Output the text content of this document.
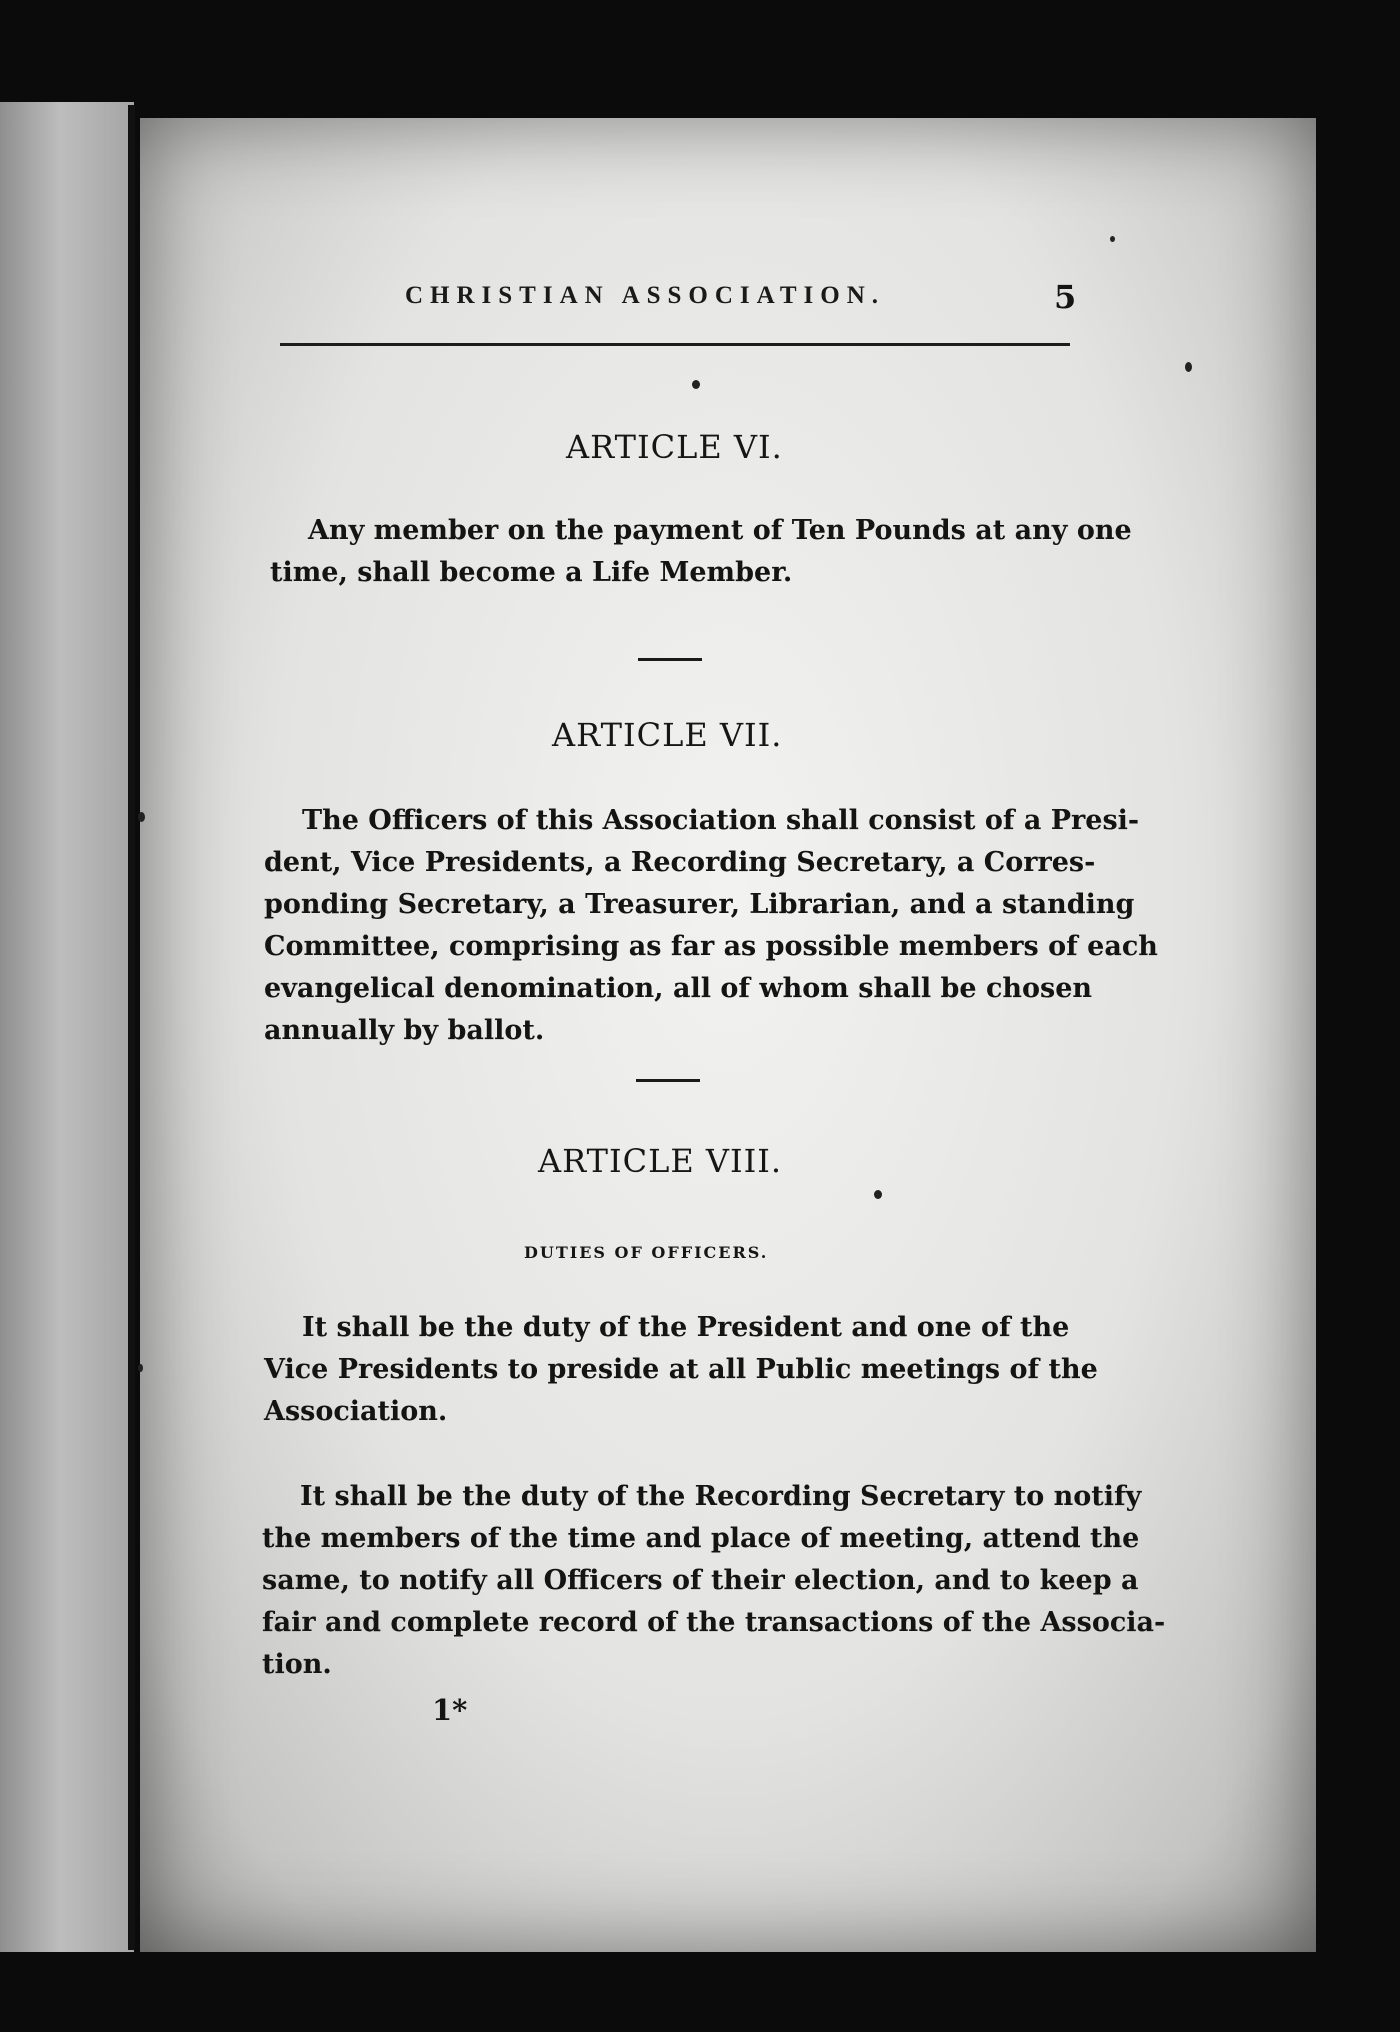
CHRISTIAN ASSOCIATION.	5
ARTICLE VI.
Any member on the payment of Ten Pounds at any one
time, shall become a Life Member.
ARTICLE VII.
The Officers of this Association shall consist of a Presi-
dent, Vice Presidents, a Recording Secretary, a Corres-
ponding Secretary, a Treasurer, Librarian, and a standing
Committee, comprising as far as possible members of each
evangelical denomination, all of whom shall be chosen
annually by ballot.
ARTICLE VIII.
DUTIES OF OFFICERS.
It shall be the duty of the President and one of the
Vice Presidents to preside at all Public meetings of the
Association.
It shall be the duty of the Recording Secretary to notify
the members of the time and place of meeting, attend the
same, to notify all Officers of their election, and to keep a
fair and complete record of the transactions of the Associa-
tion.
1*
